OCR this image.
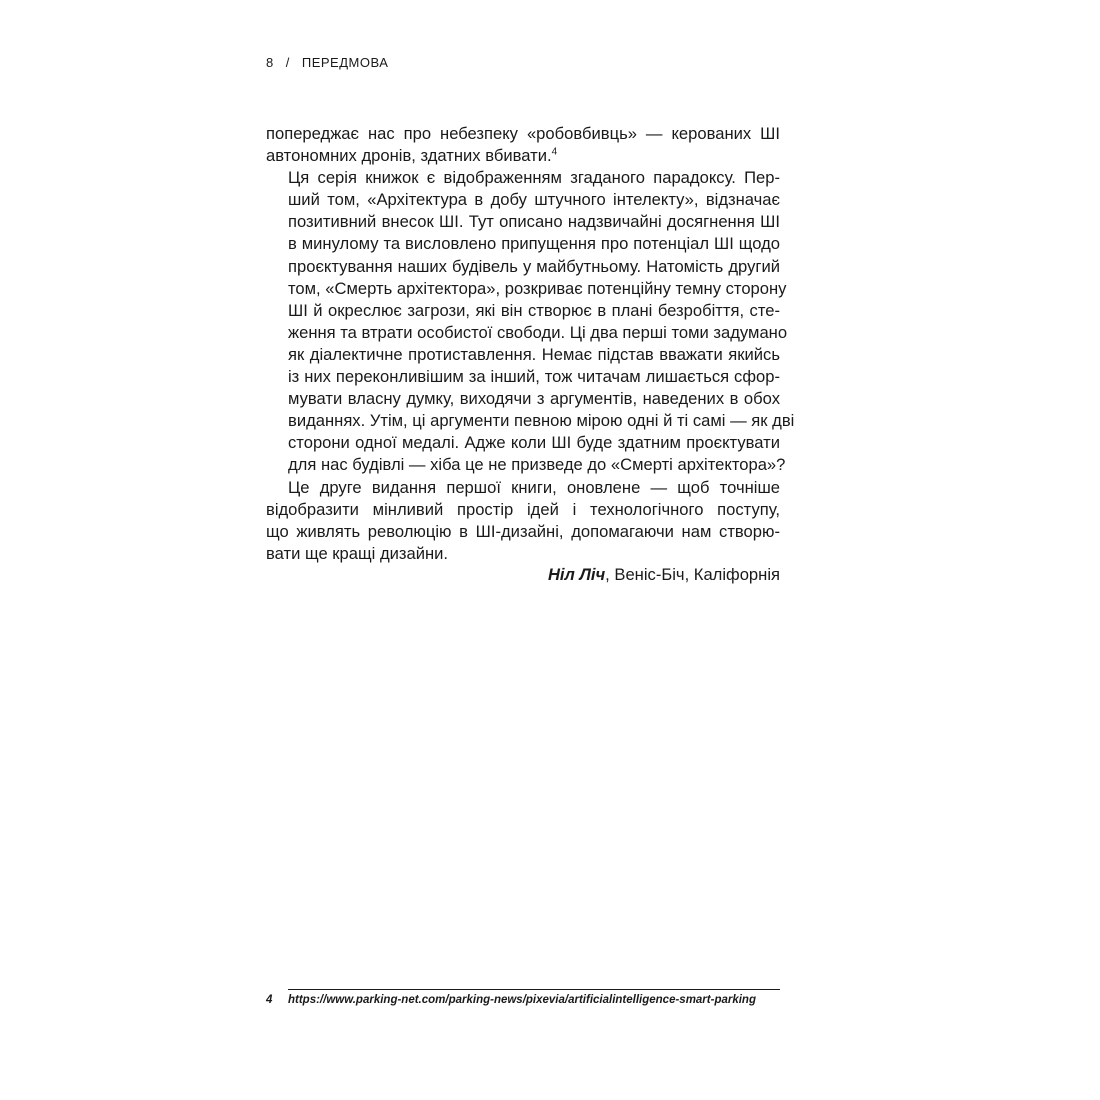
8 / ПЕРЕДМОВА

попереджає нас про небезпеку «робовбивць» — керованих ШІ
автономних дронів, здатних вбивати.$^4$

Ця серія книжок є відображенням згаданого парадоксу. Пер-
ший том, «Архітектура в добу штучного інтелекту», відзначає
позитивний внесок ШІ. Тут описано надзвичайні досягнення ШІ
в минулому та висловлено припущення про потенціал ШІ щодо
проєктування наших будівель у майбутньому. Натомість другий
том, «Смерть архітектора», розкриває потенційну темну сторону
ШІ й окреслює загрози, які він створює в плані безробіття, сте-
ження та втрати особистої свободи. Ці два перші томи задумано
як діалектичне протиставлення. Немає підстав вважати якийсь
із них переконливішим за інший, тож читачам лишається сфор-
мувати власну думку, виходячи з аргументів, наведених в обох
виданнях. Утім, ці аргументи певною мірою одні й ті самі — як дві
сторони одної медалі. Адже коли ШІ буде здатним проєктувати
для нас будівлі — хіба це не призведе до «Смерті архітектора»?

Це друге видання першої книги, оновлене — щоб точніше
відобразити мінливий простір ідей і технологічного поступу,
що живлять революцію в ШІ-дизайні, допомагаючи нам створю-
вати ще кращі дизайни.

Ніл Ліч, Веніс-Біч, Каліфорнія
4 https://www.parking-net.com/parking-news/pixevia/artificialintelligence-smart-parking
